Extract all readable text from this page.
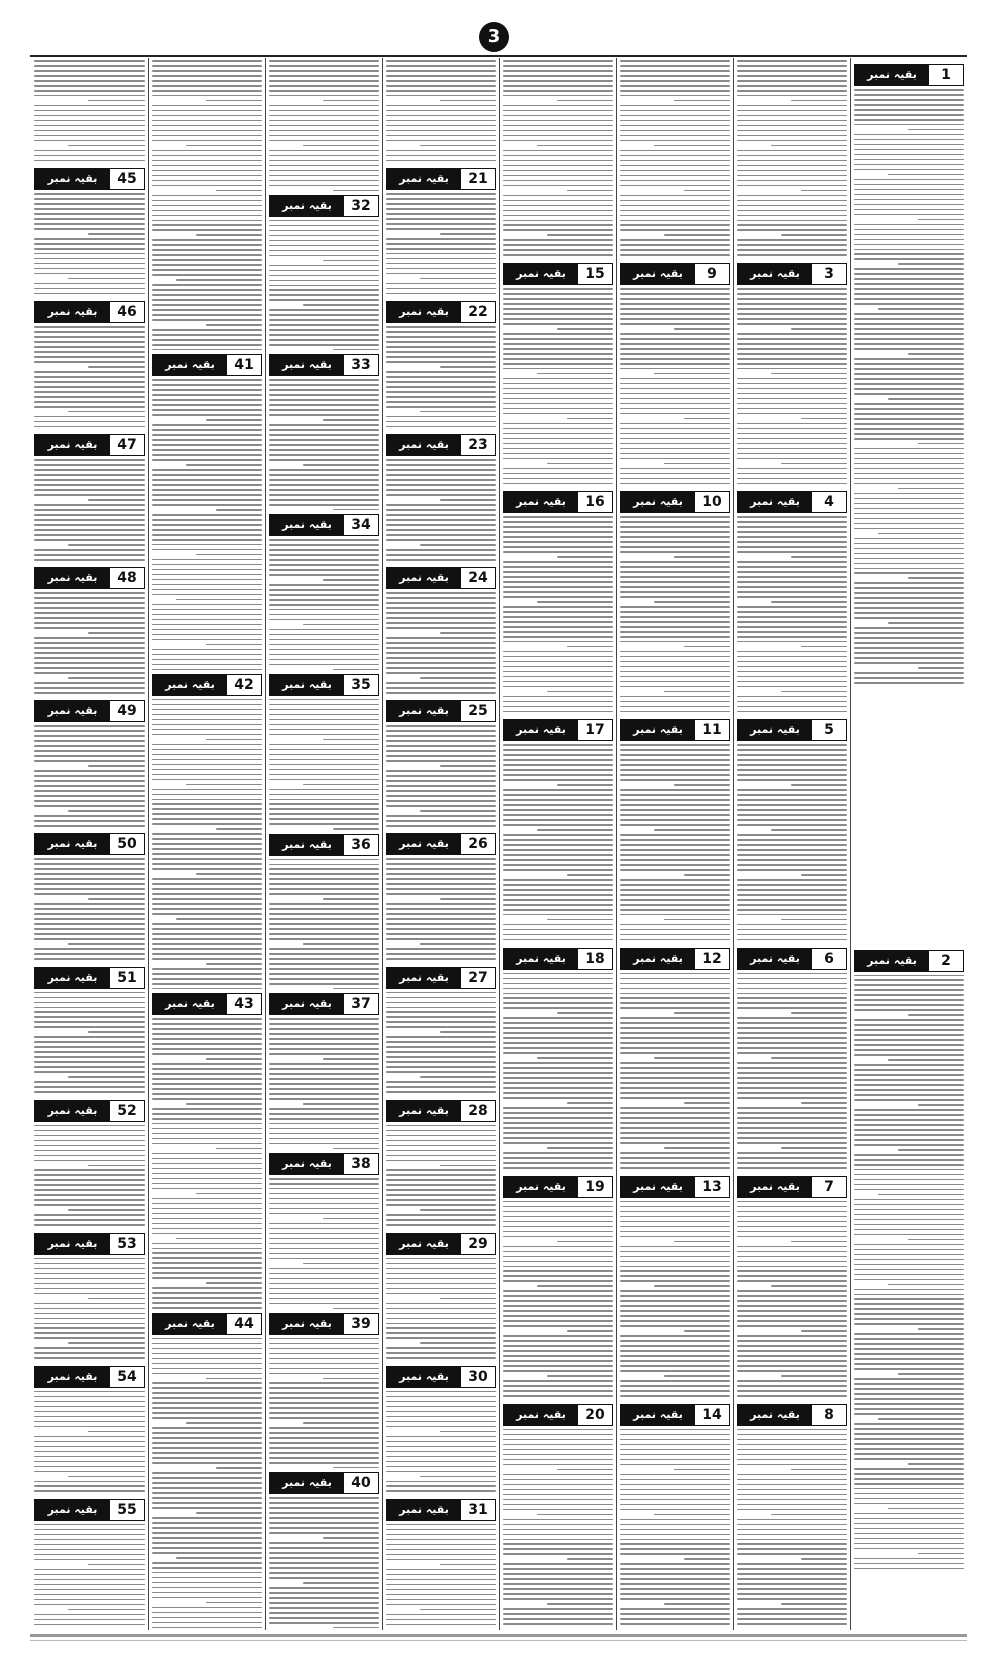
3
1
بقیہ نمبر
2
بقیہ نمبر
3
بقیہ نمبر
4
بقیہ نمبر
5
بقیہ نمبر
6
بقیہ نمبر
7
بقیہ نمبر
8
بقیہ نمبر
9
بقیہ نمبر
10
بقیہ نمبر
11
بقیہ نمبر
12
بقیہ نمبر
13
بقیہ نمبر
14
بقیہ نمبر
15
بقیہ نمبر
16
بقیہ نمبر
17
بقیہ نمبر
18
بقیہ نمبر
19
بقیہ نمبر
20
بقیہ نمبر
21
بقیہ نمبر
22
بقیہ نمبر
23
بقیہ نمبر
24
بقیہ نمبر
25
بقیہ نمبر
26
بقیہ نمبر
27
بقیہ نمبر
28
بقیہ نمبر
29
بقیہ نمبر
30
بقیہ نمبر
31
بقیہ نمبر
32
بقیہ نمبر
33
بقیہ نمبر
34
بقیہ نمبر
35
بقیہ نمبر
36
بقیہ نمبر
37
بقیہ نمبر
38
بقیہ نمبر
39
بقیہ نمبر
40
بقیہ نمبر
41
بقیہ نمبر
42
بقیہ نمبر
43
بقیہ نمبر
44
بقیہ نمبر
45
بقیہ نمبر
46
بقیہ نمبر
47
بقیہ نمبر
48
بقیہ نمبر
49
بقیہ نمبر
50
بقیہ نمبر
51
بقیہ نمبر
52
بقیہ نمبر
53
بقیہ نمبر
54
بقیہ نمبر
55
بقیہ نمبر
